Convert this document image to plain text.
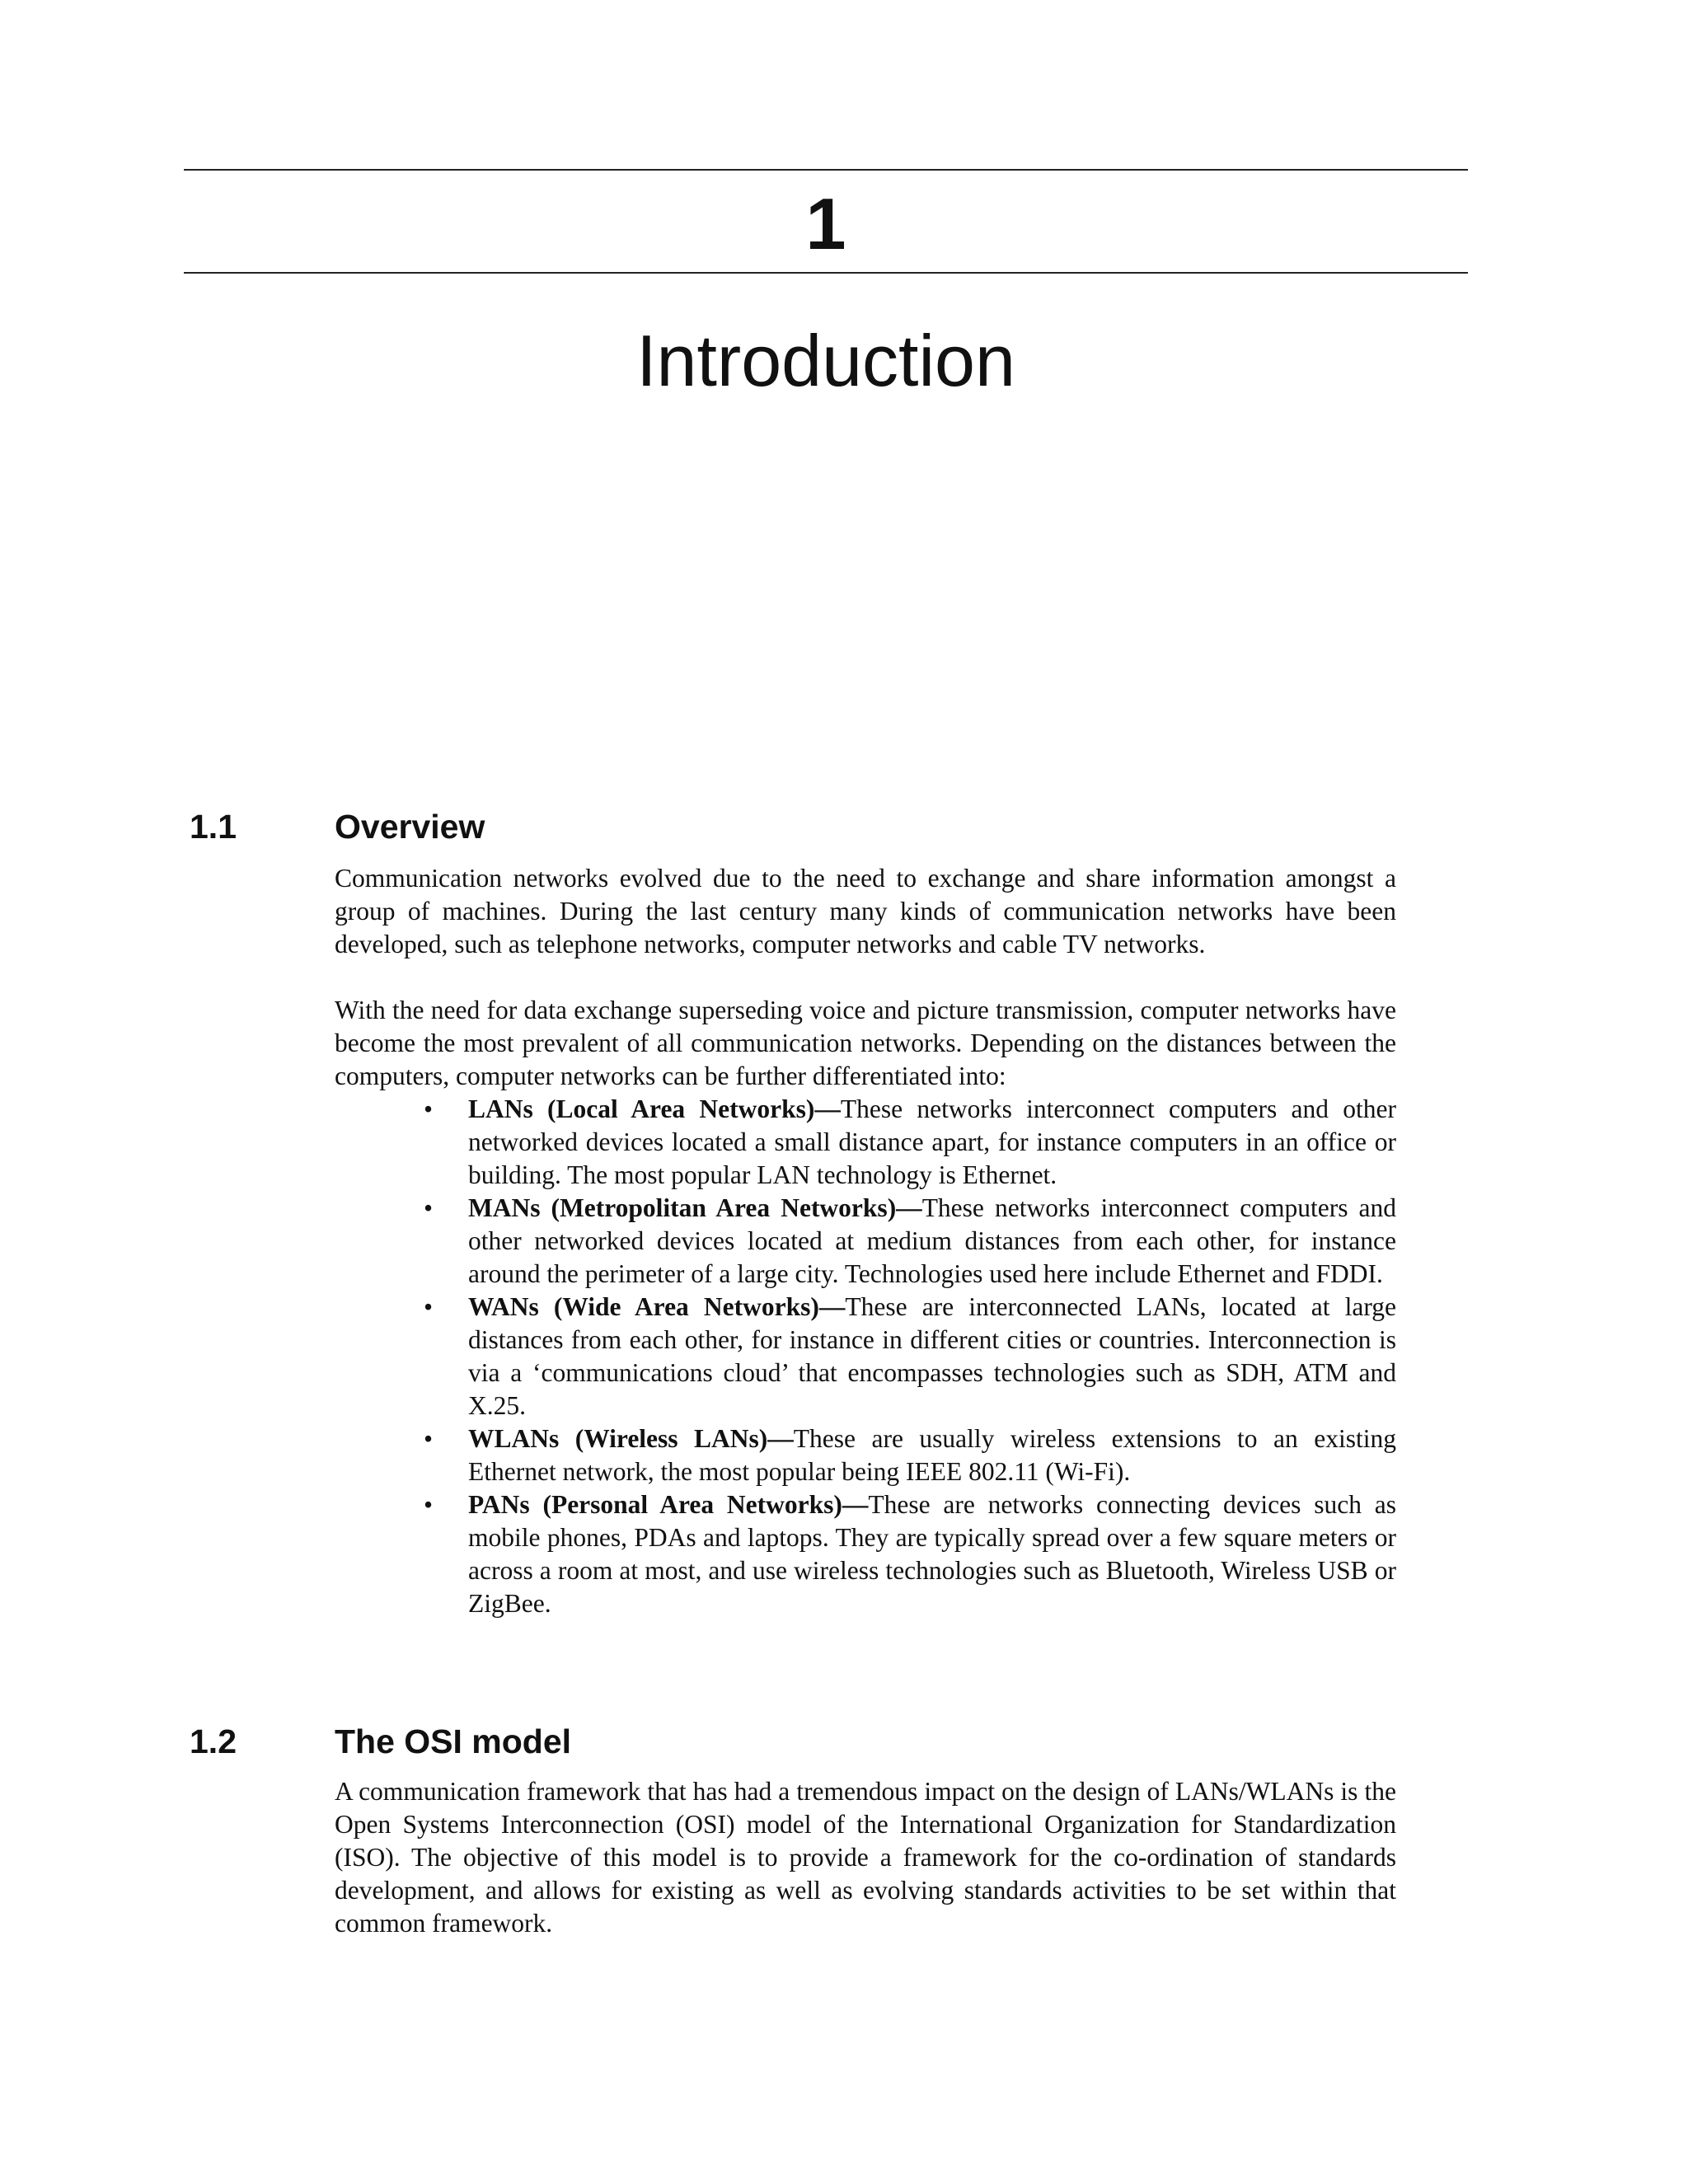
1
Introduction
1.1	Overview

Communication networks evolved due to the need to exchange and share information amongst a group of machines. During the last century many kinds of communication networks have been developed, such as telephone networks, computer networks and cable TV networks.

With the need for data exchange superseding voice and picture transmission, computer networks have become the most prevalent of all communication networks. Depending on the distances between the computers, computer networks can be further differentiated into:

• LANs (Local Area Networks)—These networks interconnect computers and other networked devices located a small distance apart, for instance computers in an office or building. The most popular LAN technology is Ethernet.
• MANs (Metropolitan Area Networks)—These networks interconnect computers and other networked devices located at medium distances from each other, for instance around the perimeter of a large city. Technologies used here include Ethernet and FDDI.
• WANs (Wide Area Networks)—These are interconnected LANs, located at large distances from each other, for instance in different cities or countries. Interconnection is via a ‘communications cloud’ that encompasses technologies such as SDH, ATM and X.25.
• WLANs (Wireless LANs)—These are usually wireless extensions to an existing Ethernet network, the most popular being IEEE 802.11 (Wi-Fi).
• PANs (Personal Area Networks)—These are networks connecting devices such as mobile phones, PDAs and laptops. They are typically spread over a few square meters or across a room at most, and use wireless technologies such as Bluetooth, Wireless USB or ZigBee.
1.2	The OSI model

A communication framework that has had a tremendous impact on the design of LANs/WLANs is the Open Systems Interconnection (OSI) model of the International Organization for Standardization (ISO). The objective of this model is to provide a framework for the co-ordination of standards development, and allows for existing as well as evolving standards activities to be set within that common framework.
